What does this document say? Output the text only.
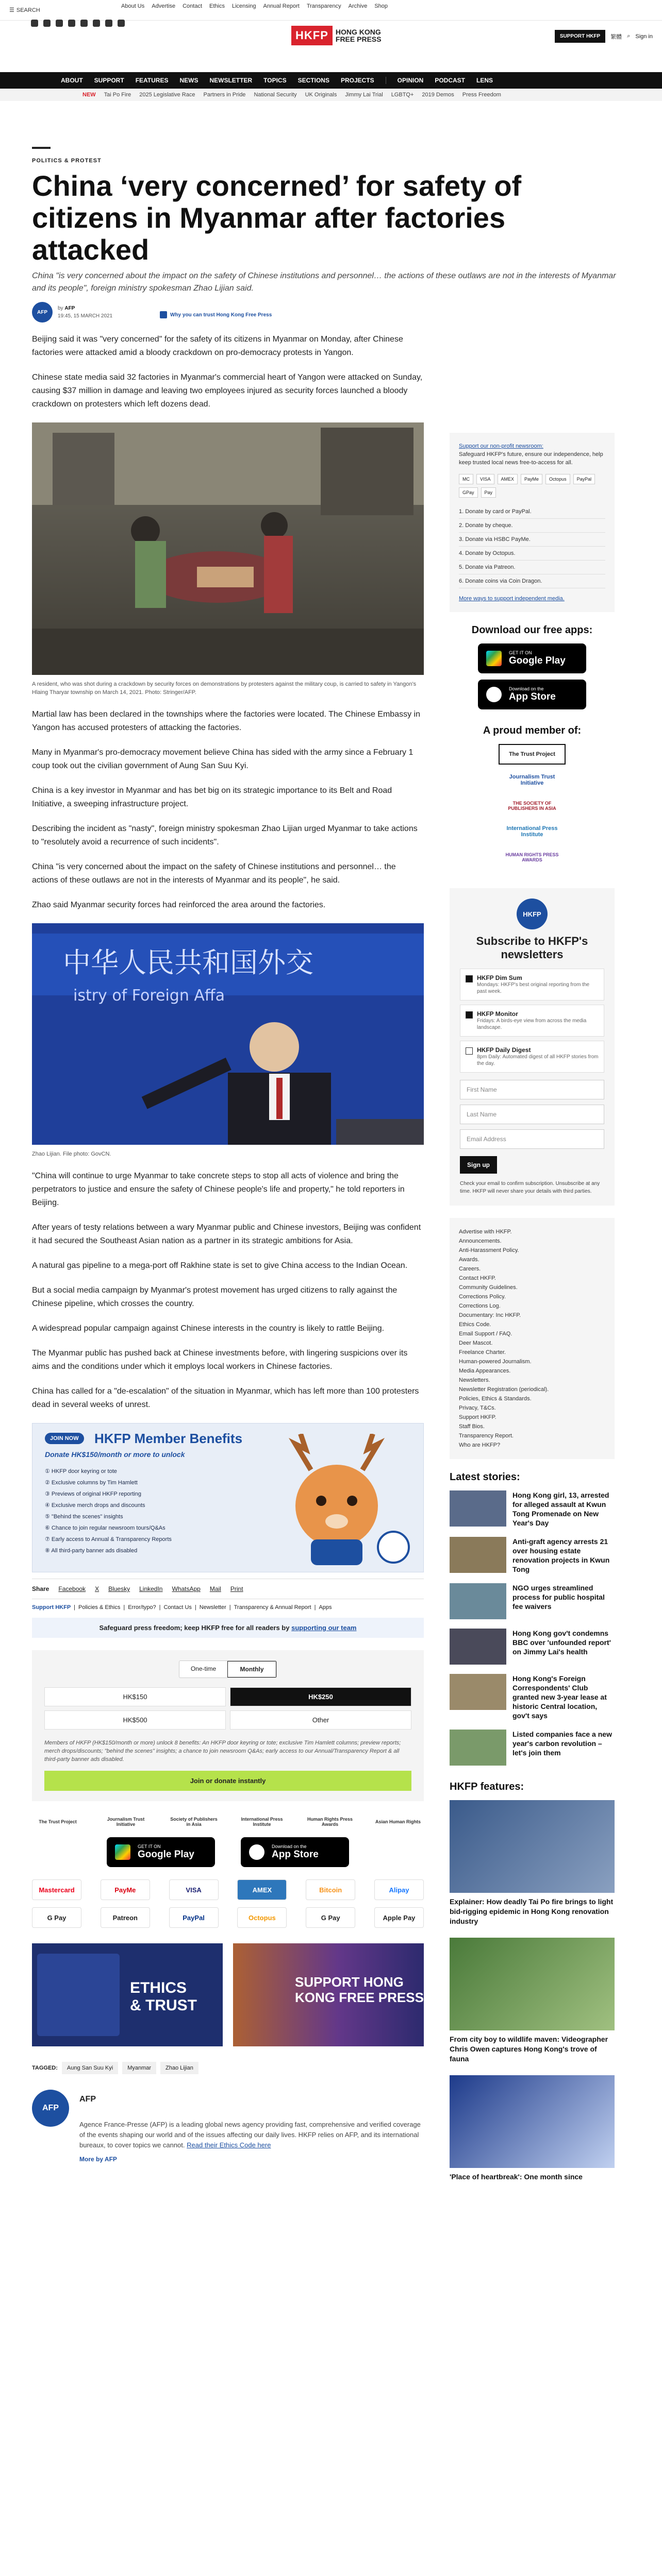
☰ SEARCH
About Us Advertise Contact Ethics Licensing Annual Report Transparency Archive Shop
HKFP	HONG KONG
FREE PRESS	SUPPORT HKFP	繁體 ⌕ Sign in
ABOUT SUPPORT FEATURES NEWS NEWSLETTER TOPICS SECTIONS PROJECTS	OPINION PODCAST LENS
NEW Tai Po Fire 2025 Legislative Race Partners in Pride National Security UK Originals Jimmy Lai Trial LGBTQ+ 2019 Demos Press Freedom
POLITICS & PROTEST
China ‘very concerned’ for safety of citizens in Myanmar after factories attacked
China "is very concerned about the impact on the safety of Chinese institutions and personnel… the actions of these outlaws are not in the interests of Myanmar and its people", foreign ministry spokesman Zhao Lijian said.
AFP
by AFP
19:45, 15 MARCH 2021	Why you can trust Hong Kong Free Press

Beijing said it was "very concerned" for the safety of its citizens in Myanmar on Monday, after Chinese factories were attacked amid a bloody crackdown on pro-democracy protests in Yangon.

Chinese state media said 32 factories in Myanmar's commercial heart of Yangon were attacked on Sunday, causing $37 million in damage and leaving two employees injured as security forces launched a bloody crackdown on protesters which left dozens dead.

A resident, who was shot during a crackdown by security forces on demonstrations by protesters against the military coup, is carried to safety in Yangon's Hlaing Tharyar township on March 14, 2021. Photo: Stringer/AFP.

Martial law has been declared in the townships where the factories were located. The Chinese Embassy in Yangon has accused protesters of attacking the factories.

Many in Myanmar's pro-democracy movement believe China has sided with the army since a February 1 coup took out the civilian government of Aung San Suu Kyi.

China is a key investor in Myanmar and has bet big on its strategic importance to its Belt and Road Initiative, a sweeping infrastructure project.

Describing the incident as "nasty", foreign ministry spokesman Zhao Lijian urged Myanmar to take actions to "resolutely avoid a recurrence of such incidents".

China "is very concerned about the impact on the safety of Chinese institutions and personnel… the actions of these outlaws are not in the interests of Myanmar and its people", he said.

Zhao said Myanmar security forces had reinforced the area around the factories.

中华人民共和国外交
istry of Foreign Affa
Zhao Lijian. File photo: GovCN.

"China will continue to urge Myanmar to take concrete steps to stop all acts of violence and bring the perpetrators to justice and ensure the safety of Chinese people's life and property," he told reporters in Beijing.

After years of testy relations between a wary Myanmar public and Chinese investors, Beijing was confident it had secured the Southeast Asian nation as a partner in its strategic ambitions for Asia.

A natural gas pipeline to a mega-port off Rakhine state is set to give China access to the Indian Ocean.

But a social media campaign by Myanmar's protest movement has urged citizens to rally against the Chinese pipeline, which crosses the country.

A widespread popular campaign against Chinese interests in the country is likely to rattle Beijing.

The Myanmar public has pushed back at Chinese investments before, with lingering suspicions over its aims and the conditions under which it employs local workers in Chinese factories.

China has called for a "de-escalation" of the situation in Myanmar, which has left more than 100 protesters dead in several weeks of unrest.

JOIN NOW	HKFP Member Benefits
Donate HK$150/month or more to unlock
① HKFP door keyring or tote
② Exclusive columns by Tim Hamlett
③ Previews of original HKFP reporting
④ Exclusive merch drops and discounts
⑤ "Behind the scenes" insights
⑥ Chance to join regular newsroom tours/Q&As
⑦ Early access to Annual & Transparency Reports
⑧ All third-party banner ads disabled
Share Facebook X Bluesky LinkedIn WhatsApp Mail Print
Support HKFP | Policies & Ethics | Error/typo? | Contact Us | Newsletter | Transparency & Annual Report | Apps
Safeguard press freedom; keep HKFP free for all readers by supporting our team
One-time	Monthly
HK$150	HK$250
HK$500	Other
Members of HKFP (HK$150/month or more) unlock 8 benefits: An HKFP door keyring or tote; exclusive Tim Hamlett columns; preview reports; merch drops/discounts; "behind the scenes" insights; a chance to join newsroom Q&As; early access to our Annual/Transparency Report & all third-party banner ads disabled.
Join or donate instantly
The Trust Project	Journalism Trust Initiative
Society of Publishers in Asia
International Press Institute
Human Rights Press Awards	Asian Human Rights
GET IT ON
Google Play
Download on the
App Store
Mastercard	PayMe	VISA	AMEX	Bitcoin	Alipay
G Pay	Patreon	PayPal	Octopus	G Pay	Apple Pay
ETHICS
& TRUST
SUPPORT HONG
KONG FREE PRESS
TAGGED:	Aung San Suu Kyi	Myanmar	Zhao Lijian
AFP
AFP

Agence France-Presse (AFP) is a leading global news agency providing fast, comprehensive and verified coverage of the events shaping our world and of the issues affecting our daily lives. HKFP relies on AFP, and its international bureaux, to cover topics we cannot. Read their Ethics Code here

More by AFP

Support our non-profit newsroom:

Safeguard HKFP's future, ensure our independence, help keep trusted local news free-to-access for all.

MC	VISA	AMEX	PayMe	Octopus	PayPal
GPay	Pay
1. Donate by card or PayPal.
2. Donate by cheque.
3. Donate via HSBC PayMe.
4. Donate by Octopus.
5. Donate via Patreon.
6. Donate coins via Coin Dragon.

More ways to support independent media.

Download our free apps:
GET IT ON
Google Play
Download on the
App Store
A proud member of:
The Trust Project
Journalism Trust Initiative
THE SOCIETY OF PUBLISHERS IN ASIA
International Press Institute
HUMAN RIGHTS PRESS AWARDS
HKFP
Subscribe to HKFP's newsletters
HKFP Dim Sum
Mondays: HKFP's best original reporting from the past week.
HKFP Monitor
Fridays: A birds-eye view from across the media landscape.
HKFP Daily Digest
8pm Daily: Automated digest of all HKFP stories from the day.
First Name
Last Name
Email Address
Sign up

Check your email to confirm subscription. Unsubscribe at any time. HKFP will never share your details with third parties.

Advertise with HKFP.
Announcements.
Anti-Harassment Policy.
Awards.
Careers.
Contact HKFP.
Community Guidelines.
Corrections Policy.
Corrections Log.
Documentary: Inc HKFP.
Ethics Code.
Email Support / FAQ.
Deer Mascot.
Freelance Charter.
Human-powered Journalism.
Media Appearances.
Newsletters.
Newsletter Registration (periodical).
Policies, Ethics & Standards.
Privacy, T&Cs.
Support HKFP.
Staff Bios.
Transparency Report.
Who are HKFP?
Latest stories:
Hong Kong girl, 13, arrested for alleged assault at Kwun Tong Promenade on New Year's Day
Anti-graft agency arrests 21 over housing estate renovation projects in Kwun Tong
NGO urges streamlined process for public hospital fee waivers
Hong Kong gov't condemns BBC over 'unfounded report' on Jimmy Lai's health
Hong Kong's Foreign Correspondents' Club granted new 3-year lease at historic Central location, gov't says
Listed companies face a new year's carbon revolution – let's join them
HKFP features:
Explainer: How deadly Tai Po fire brings to light bid-rigging epidemic in Hong Kong renovation industry
From city boy to wildlife maven: Videographer Chris Owen captures Hong Kong's trove of fauna
'Place of heartbreak': One month since
